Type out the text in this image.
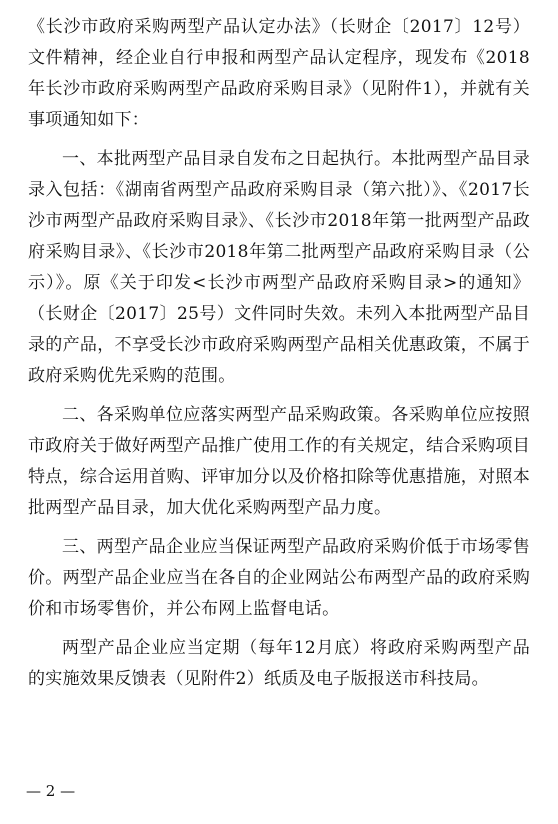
《长沙市政府采购两型产品认定办法》（长财企〔2017〕12号）文件精神，经企业自行申报和两型产品认定程序，现发布《2018年长沙市政府采购两型产品政府采购目录》（见附件1），并就有关事项通知如下：

一、本批两型产品目录自发布之日起执行。本批两型产品目录录入包括：《湖南省两型产品政府采购目录（第六批）》、《2017长沙市两型产品政府采购目录》、《长沙市2018年第一批两型产品政府采购目录》、《长沙市2018年第二批两型产品政府采购目录（公示）》。原《关于印发<长沙市两型产品政府采购目录>的通知》（长财企〔2017〕25号）文件同时失效。未列入本批两型产品目录的产品，不享受长沙市政府采购两型产品相关优惠政策，不属于政府采购优先采购的范围。

二、各采购单位应落实两型产品采购政策。各采购单位应按照市政府关于做好两型产品推广使用工作的有关规定，结合采购项目特点，综合运用首购、评审加分以及价格扣除等优惠措施，对照本批两型产品目录，加大优化采购两型产品力度。

三、两型产品企业应当保证两型产品政府采购价低于市场零售价。两型产品企业应当在各自的企业网站公布两型产品的政府采购价和市场零售价，并公布网上监督电话。

两型产品企业应当定期（每年12月底）将政府采购两型产品的实施效果反馈表（见附件2）纸质及电子版报送市科技局。

— 2 —
